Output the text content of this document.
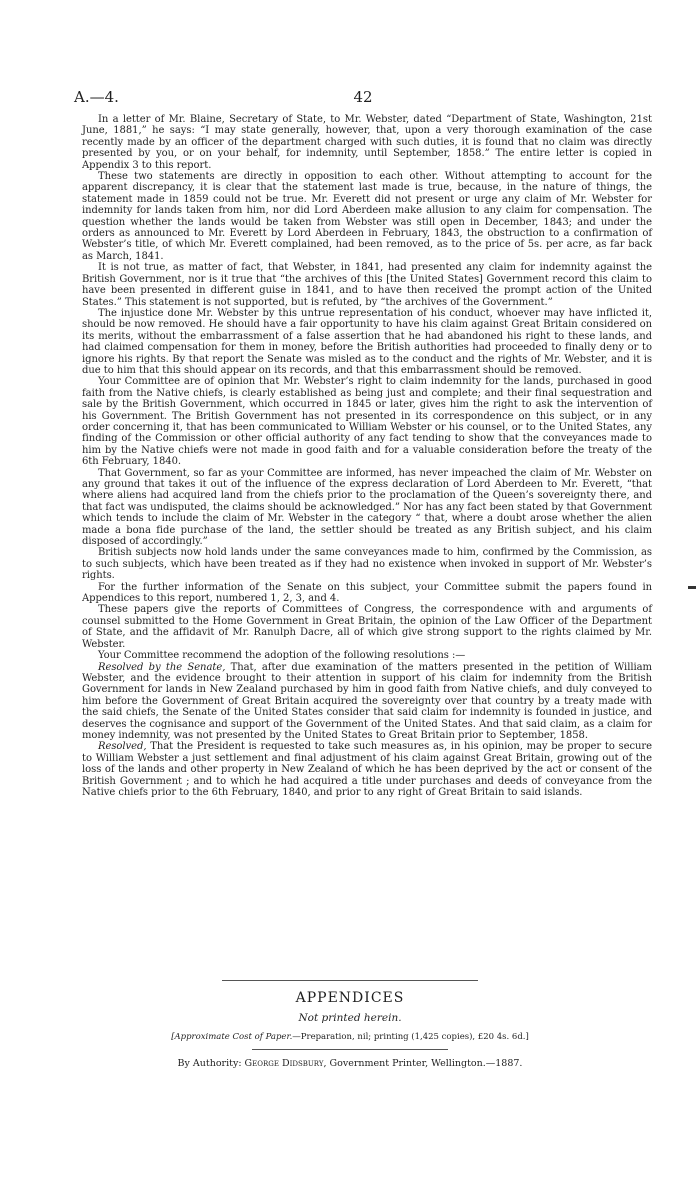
A.—4.	42

In a letter of Mr. Blaine, Secretary of State, to Mr. Webster, dated “Department of State, Washington, 21st June, 1881,” he says: “I may state generally, however, that, upon a very thorough examination of the case recently made by an officer of the department charged with such duties, it is found that no claim was directly presented by you, or on your behalf, for indemnity, until September, 1858.” The entire letter is copied in Appendix 3 to this report.

These two statements are directly in opposition to each other. Without attempting to account for the apparent discrepancy, it is clear that the statement last made is true, because, in the nature of things, the statement made in 1859 could not be true. Mr. Everett did not present or urge any claim of Mr. Webster for indemnity for lands taken from him, nor did Lord Aberdeen make allusion to any claim for compensation. The question whether the lands would be taken from Webster was still open in December, 1843; and under the orders as announced to Mr. Everett by Lord Aberdeen in February, 1843, the obstruction to a confirmation of Webster’s title, of which Mr. Everett complained, had been removed, as to the price of 5s. per acre, as far back as March, 1841.

It is not true, as matter of fact, that Webster, in 1841, had presented any claim for indemnity against the British Government, nor is it true that “the archives of this [the United States] Government record this claim to have been presented in different guise in 1841, and to have then received the prompt action of the United States.” This statement is not supported, but is refuted, by “the archives of the Government.”

The injustice done Mr. Webster by this untrue representation of his conduct, whoever may have inflicted it, should be now removed. He should have a fair opportunity to have his claim against Great Britain considered on its merits, without the embarrassment of a false assertion that he had abandoned his right to these lands, and had claimed compensation for them in money, before the British authorities had proceeded to finally deny or to ignore his rights. By that report the Senate was misled as to the conduct and the rights of Mr. Webster, and it is due to him that this should appear on its records, and that this embarrassment should be removed.

Your Committee are of opinion that Mr. Webster’s right to claim indemnity for the lands, purchased in good faith from the Native chiefs, is clearly established as being just and complete; and their final sequestration and sale by the British Government, which occurred in 1845 or later, gives him the right to ask the intervention of his Government. The British Government has not presented in its correspondence on this subject, or in any order concerning it, that has been communicated to William Webster or his counsel, or to the United States, any finding of the Commission or other official authority of any fact tending to show that the conveyances made to him by the Native chiefs were not made in good faith and for a valuable consideration before the treaty of the 6th February, 1840.

That Government, so far as your Committee are informed, has never impeached the claim of Mr. Webster on any ground that takes it out of the influence of the express declaration of Lord Aberdeen to Mr. Everett, “that where aliens had acquired land from the chiefs prior to the proclamation of the Queen’s sovereignty there, and that fact was undisputed, the claims should be acknowledged.” Nor has any fact been stated by that Government which tends to include the claim of Mr. Webster in the category “ that, where a doubt arose whether the alien made a bona fide purchase of the land, the settler should be treated as any British subject, and his claim disposed of accordingly.”

British subjects now hold lands under the same conveyances made to him, confirmed by the Commission, as to such subjects, which have been treated as if they had no existence when invoked in support of Mr. Webster’s rights.

For the further information of the Senate on this subject, your Committee submit the papers found in Appendices to this report, numbered 1, 2, 3, and 4.

These papers give the reports of Committees of Congress, the correspondence with and arguments of counsel submitted to the Home Government in Great Britain, the opinion of the Law Officer of the Department of State, and the affidavit of Mr. Ranulph Dacre, all of which give strong support to the rights claimed by Mr. Webster.

Your Committee recommend the adoption of the following resolutions :—

Resolved by the Senate, That, after due examination of the matters presented in the petition of William Webster, and the evidence brought to their attention in support of his claim for indemnity from the British Government for lands in New Zealand purchased by him in good faith from Native chiefs, and duly conveyed to him before the Government of Great Britain acquired the sovereignty over that country by a treaty made with the said chiefs, the Senate of the United States consider that said claim for indemnity is founded in justice, and deserves the cognisance and support of the Government of the United States. And that said claim, as a claim for money indemnity, was not presented by the United States to Great Britain prior to September, 1858.

Resolved, That the President is requested to take such measures as, in his opinion, may be proper to secure to William Webster a just settlement and final adjustment of his claim against Great Britain, growing out of the loss of the lands and other property in New Zealand of which he has been deprived by the act or consent of the British Government ; and to which he had acquired a title under purchases and deeds of conveyance from the Native chiefs prior to the 6th February, 1840, and prior to any right of Great Britain to said islands.

APPENDICES
Not printed herein.
[Approximate Cost of Paper.—Preparation, nil; printing (1,425 copies), £20 4s. 6d.]
By Authority: George Didsbury, Government Printer, Wellington.—1887.
